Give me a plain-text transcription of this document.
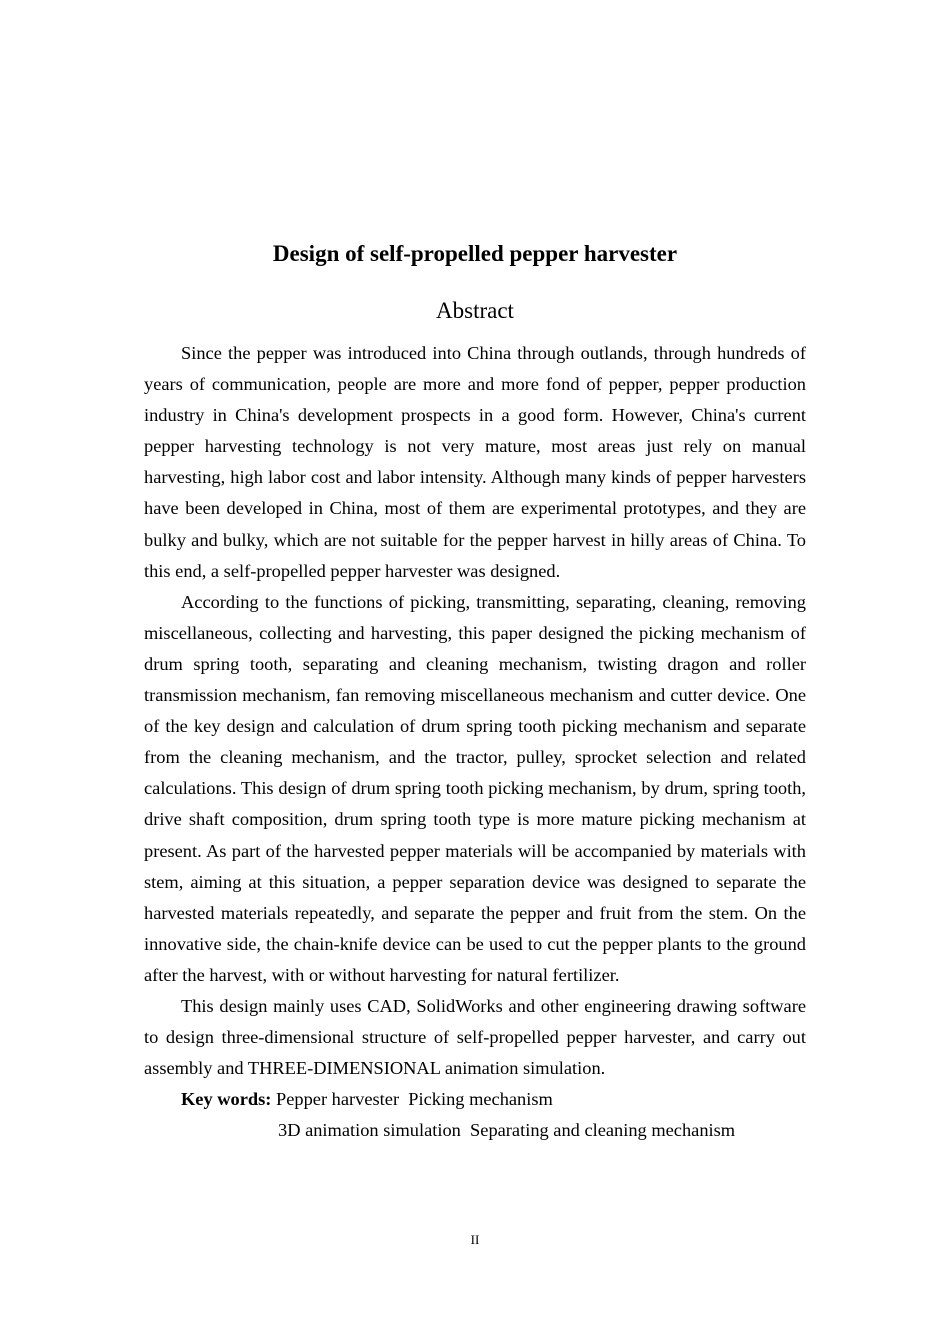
Design of self-propelled pepper harvester
Abstract

Since the pepper was introduced into China through outlands, through hundreds of years of communication, people are more and more fond of pepper, pepper production industry in China's development prospects in a good form. However, China's current pepper harvesting technology is not very mature, most areas just rely on manual harvesting, high labor cost and labor intensity. Although many kinds of pepper harvesters have been developed in China, most of them are experimental prototypes, and they are bulky and bulky, which are not suitable for the pepper harvest in hilly areas of China. To this end, a self-propelled pepper harvester was designed.

According to the functions of picking, transmitting, separating, cleaning, removing miscellaneous, collecting and harvesting, this paper designed the picking mechanism of drum spring tooth, separating and cleaning mechanism, twisting dragon and roller transmission mechanism, fan removing miscellaneous mechanism and cutter device. One of the key design and calculation of drum spring tooth picking mechanism and separate from the cleaning mechanism, and the tractor, pulley, sprocket selection and related calculations. This design of drum spring tooth picking mechanism, by drum, spring tooth, drive shaft composition, drum spring tooth type is more mature picking mechanism at present. As part of the harvested pepper materials will be accompanied by materials with stem, aiming at this situation, a pepper separation device was designed to separate the harvested materials repeatedly, and separate the pepper and fruit from the stem. On the innovative side, the chain-knife device can be used to cut the pepper plants to the ground after the harvest, with or without harvesting for natural fertilizer.

This design mainly uses CAD, SolidWorks and other engineering drawing software to design three-dimensional structure of self-propelled pepper harvester, and carry out assembly and THREE-DIMENSIONAL animation simulation.

Key words: Pepper harvester  Picking mechanism

3D animation simulation  Separating and cleaning mechanism

II
